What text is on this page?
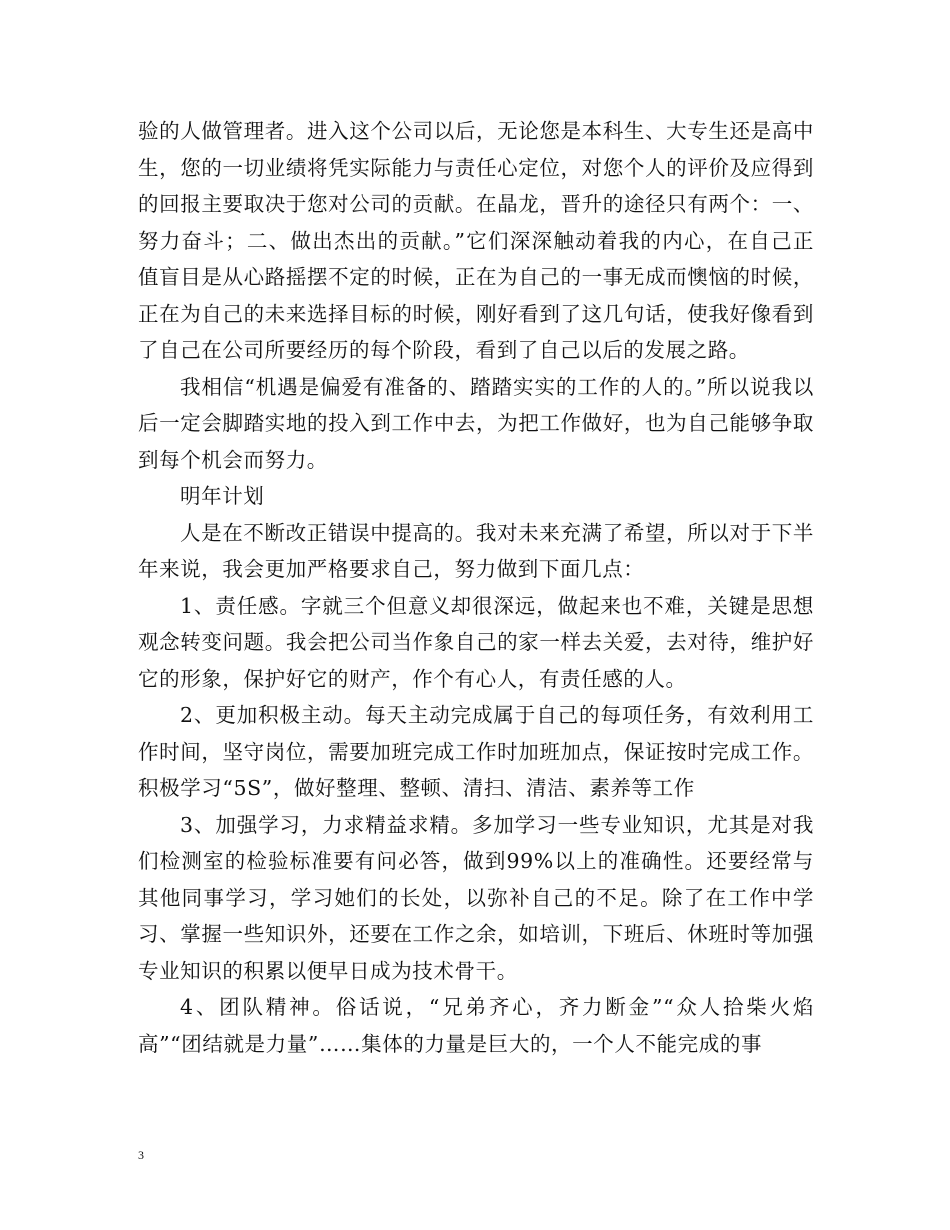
验的人做管理者。进入这个公司以后，无论您是本科生、大专生还是高中生，您的一切业绩将凭实际能力与责任心定位，对您个人的评价及应得到的回报主要取决于您对公司的贡献。在晶龙，晋升的途径只有两个：一、努力奋斗；二、做出杰出的贡献。”它们深深触动着我的内心，在自己正值盲目是从心路摇摆不定的时候，正在为自己的一事无成而懊恼的时候，正在为自己的未来选择目标的时候，刚好看到了这几句话，使我好像看到了自己在公司所要经历的每个阶段，看到了自己以后的发展之路。

我相信“机遇是偏爱有准备的、踏踏实实的工作的人的。”所以说我以后一定会脚踏实地的投入到工作中去，为把工作做好，也为自己能够争取到每个机会而努力。

明年计划

人是在不断改正错误中提高的。我对未来充满了希望，所以对于下半年来说，我会更加严格要求自己，努力做到下面几点：

1、责任感。字就三个但意义却很深远，做起来也不难，关键是思想观念转变问题。我会把公司当作象自己的家一样去关爱，去对待，维护好它的形象，保护好它的财产，作个有心人，有责任感的人。

2、更加积极主动。每天主动完成属于自己的每项任务，有效利用工作时间，坚守岗位，需要加班完成工作时加班加点，保证按时完成工作。积极学习“5S”，做好整理、整顿、清扫、清洁、素养等工作

3、加强学习，力求精益求精。多加学习一些专业知识，尤其是对我们检测室的检验标准要有问必答，做到99%以上的准确性。还要经常与其他同事学习，学习她们的长处，以弥补自己的不足。除了在工作中学习、掌握一些知识外，还要在工作之余，如培训，下班后、休班时等加强专业知识的积累以便早日成为技术骨干。

4、团队精神。俗话说，“兄弟齐心，齐力断金”“众人拾柴火焰高”“团结就是力量”……集体的力量是巨大的，一个人不能完成的事

3
